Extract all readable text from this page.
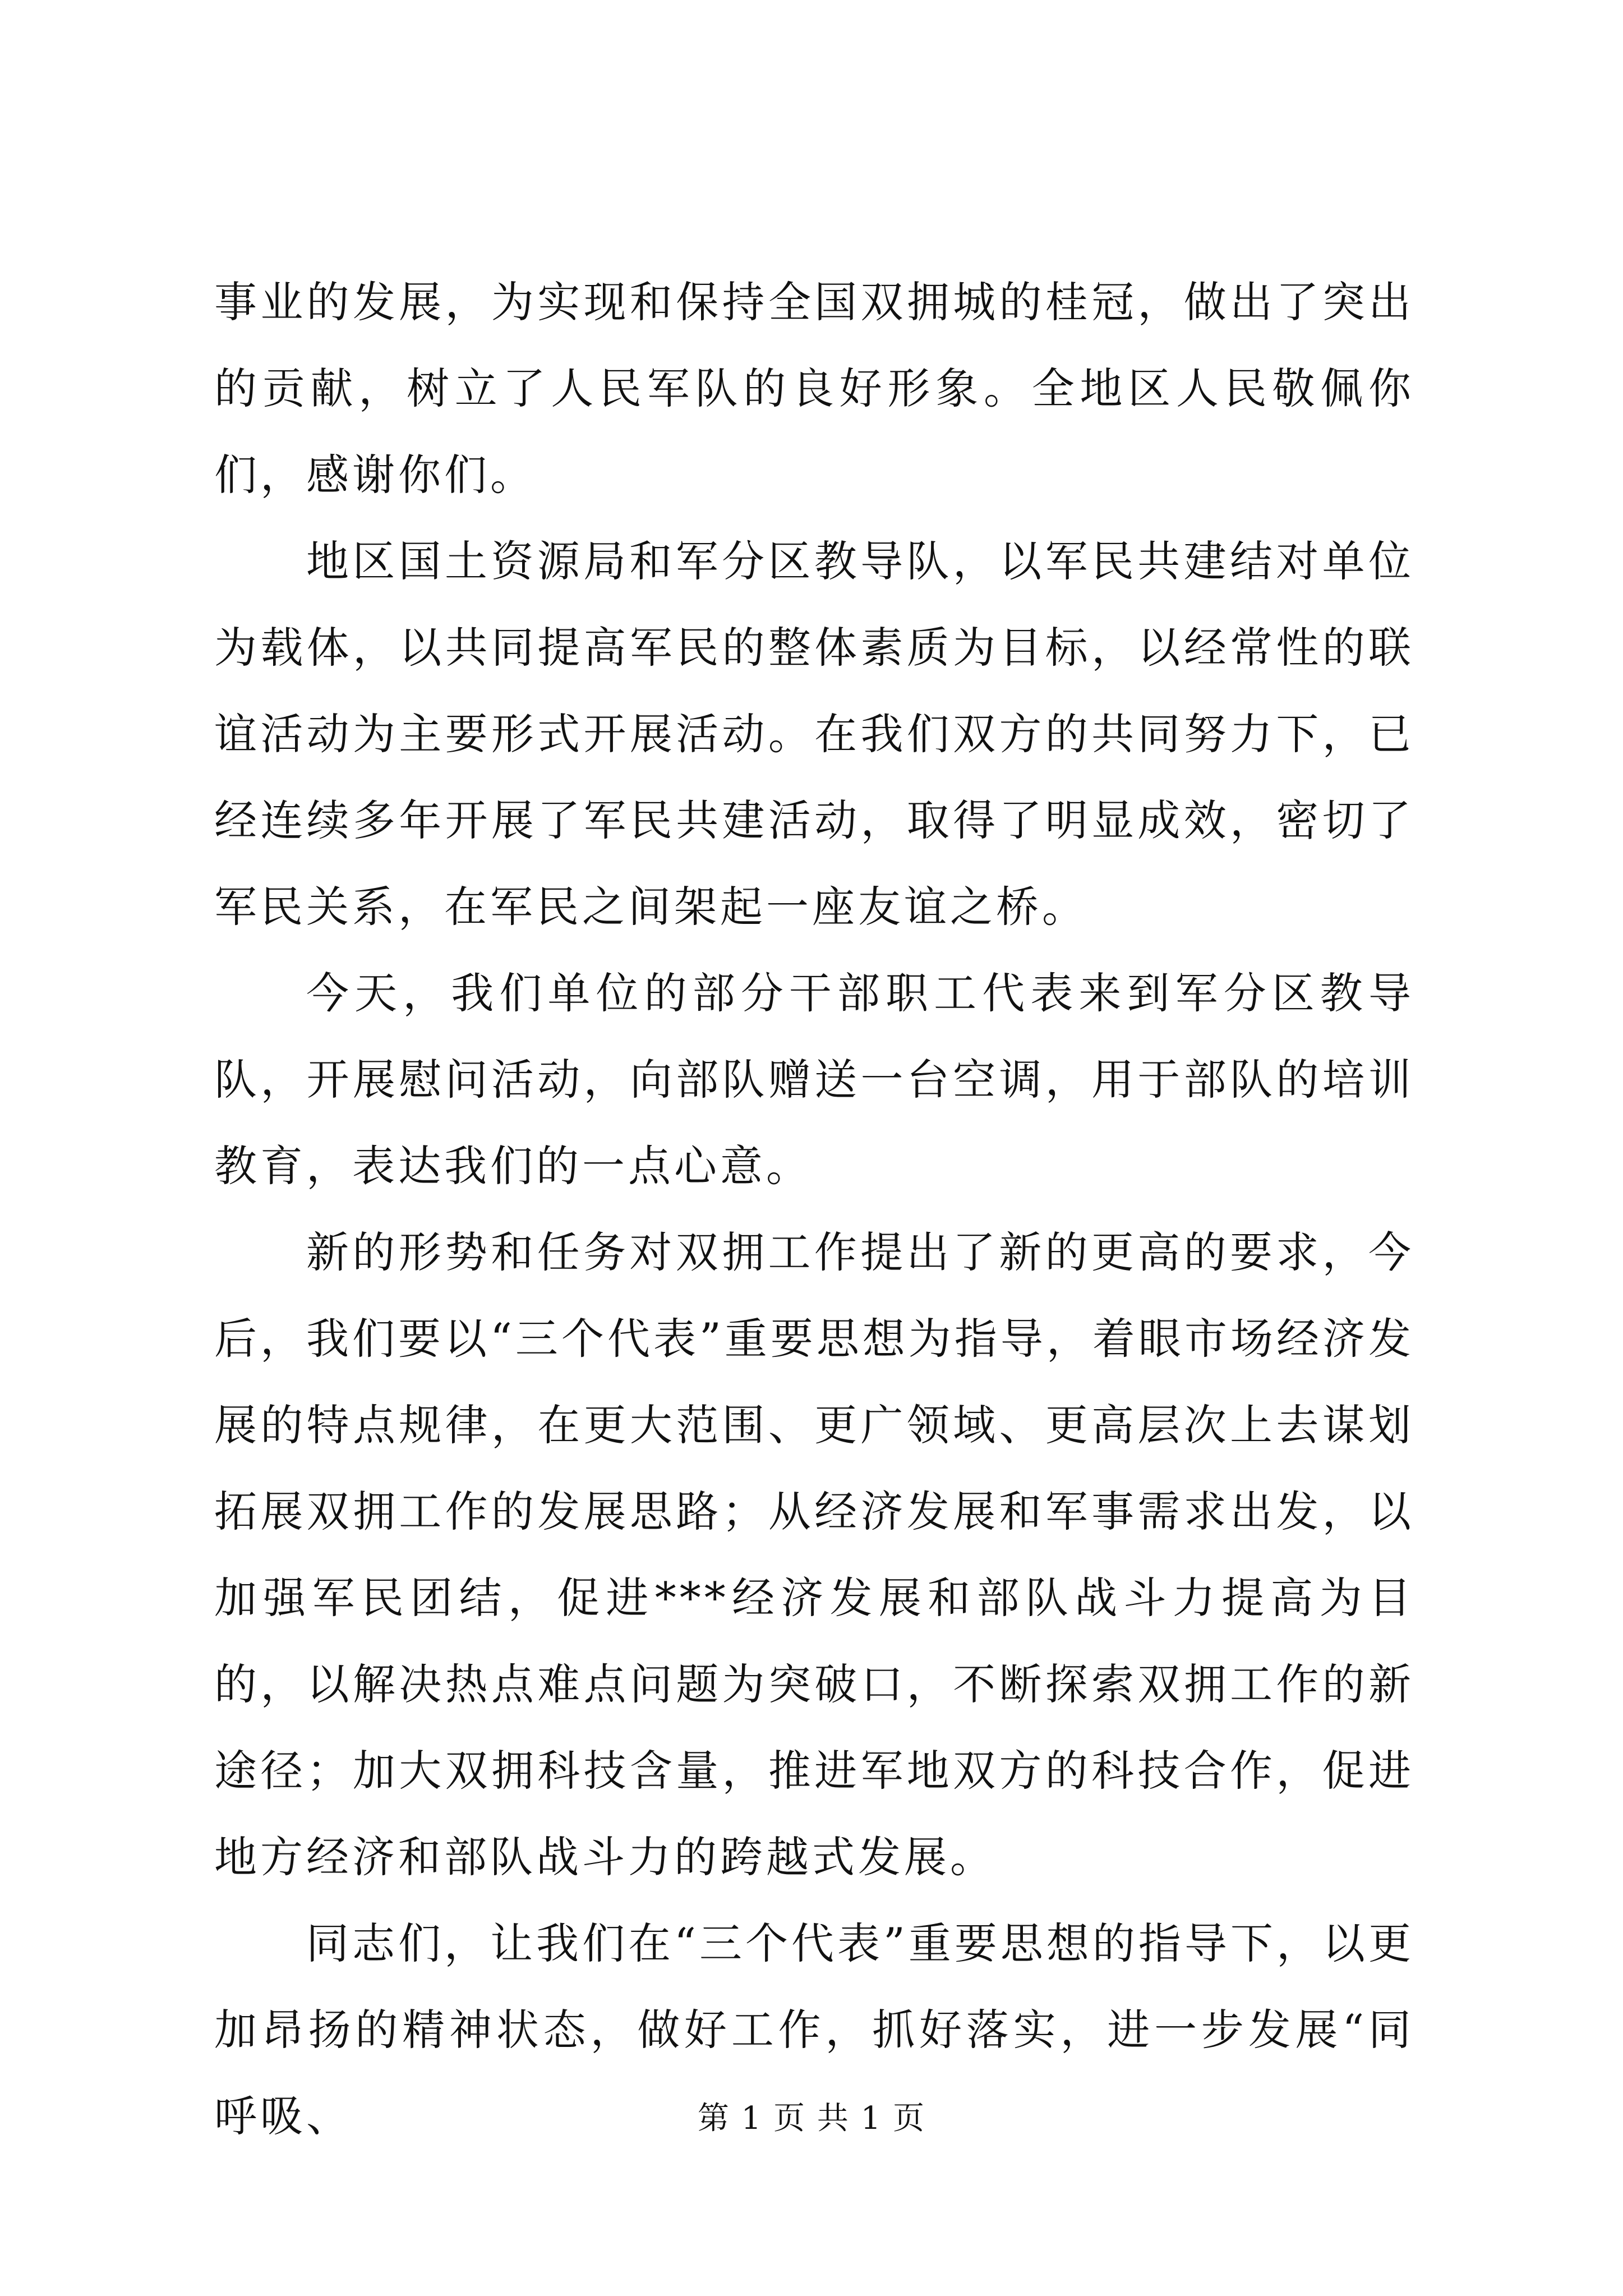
事业的发展，为实现和保持全国双拥城的桂冠，做出了突出的贡献，树立了人民军队的良好形象。全地区人民敬佩你们，感谢你们。

地区国土资源局和军分区教导队，以军民共建结对单位为载体，以共同提高军民的整体素质为目标，以经常性的联谊活动为主要形式开展活动。在我们双方的共同努力下，已经连续多年开展了军民共建活动，取得了明显成效，密切了军民关系，在军民之间架起一座友谊之桥。

今天，我们单位的部分干部职工代表来到军分区教导队，开展慰问活动，向部队赠送一台空调，用于部队的培训教育，表达我们的一点心意。

新的形势和任务对双拥工作提出了新的更高的要求，今后，我们要以“三个代表”重要思想为指导，着眼市场经济发展的特点规律，在更大范围、更广领域、更高层次上去谋划拓展双拥工作的发展思路；从经济发展和军事需求出发，以加强军民团结，促进***经济发展和部队战斗力提高为目的，以解决热点难点问题为突破口，不断探索双拥工作的新途径；加大双拥科技含量，推进军地双方的科技合作，促进地方经济和部队战斗力的跨越式发展。

同志们，让我们在“三个代表”重要思想的指导下，以更加昂扬的精神状态，做好工作，抓好落实，进一步发展“同呼吸、	第 1 页 共 1 页
